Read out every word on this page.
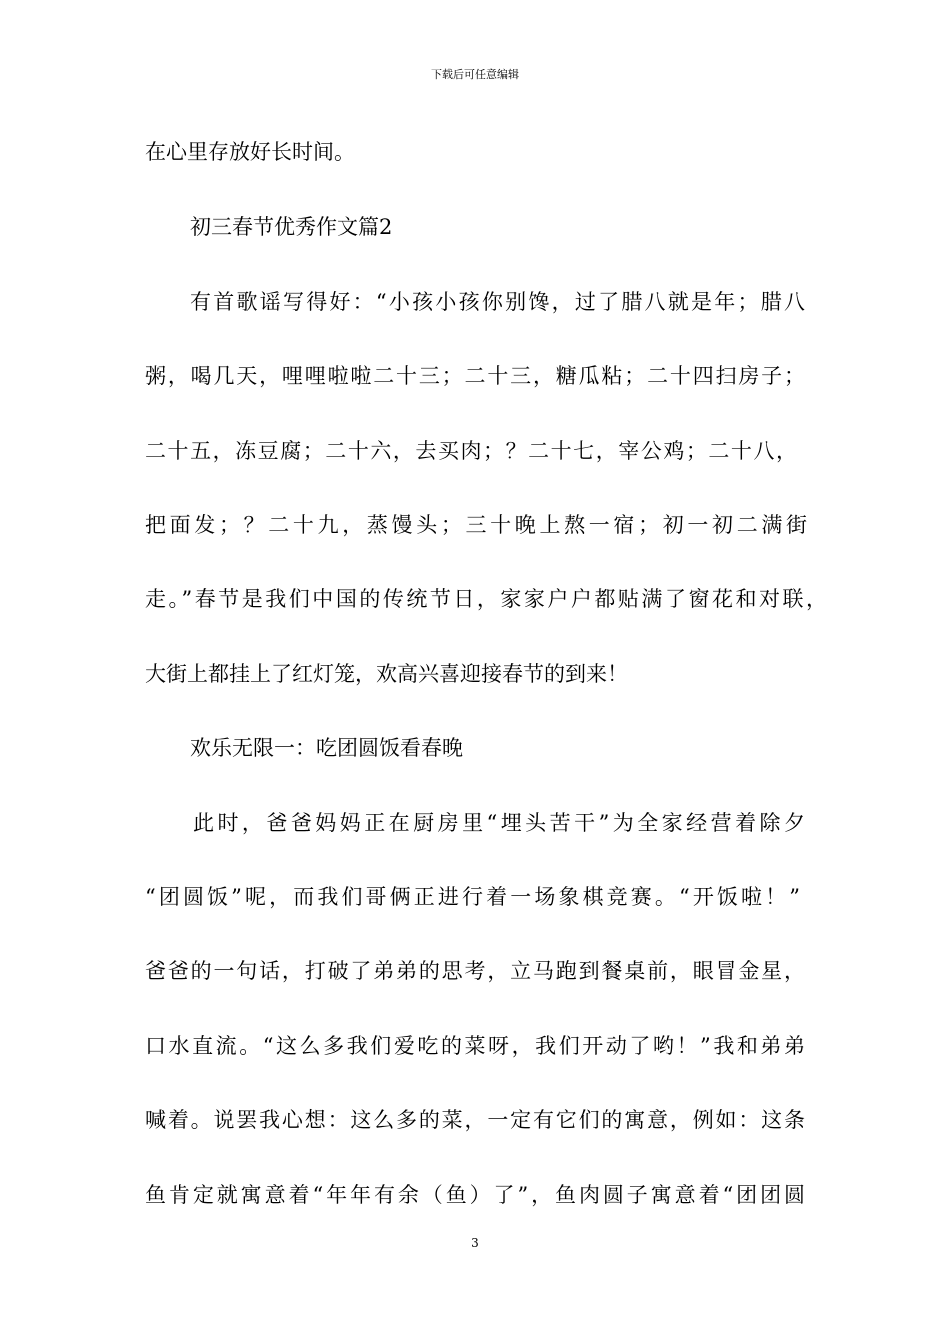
下载后可任意编辑
在心里存放好长时间。
初三春节优秀作文篇2
有首歌谣写得好：“小孩小孩你别馋，过了腊八就是年；腊八
粥，喝几天，哩哩啦啦二十三；二十三，糖瓜粘；二十四扫房子；
二十五，冻豆腐；二十六，去买肉；？二十七，宰公鸡；二十八，
把面发；？二十九，蒸馒头；三十晚上熬一宿；初一初二满街
走。”春节是我们中国的传统节日，家家户户都贴满了窗花和对联，
大街上都挂上了红灯笼，欢高兴喜迎接春节的到来！
欢乐无限一：吃团圆饭看春晚
此时，爸爸妈妈正在厨房里“埋头苦干”为全家经营着除夕
“团圆饭”呢，而我们哥俩正进行着一场象棋竞赛。“开饭啦！”
爸爸的一句话，打破了弟弟的思考，立马跑到餐桌前，眼冒金星，
口水直流。“这么多我们爱吃的菜呀，我们开动了哟！”我和弟弟
喊着。说罢我心想：这么多的菜，一定有它们的寓意，例如：这条
鱼肯定就寓意着“年年有余（鱼）了”，鱼肉圆子寓意着“团团圆
3
